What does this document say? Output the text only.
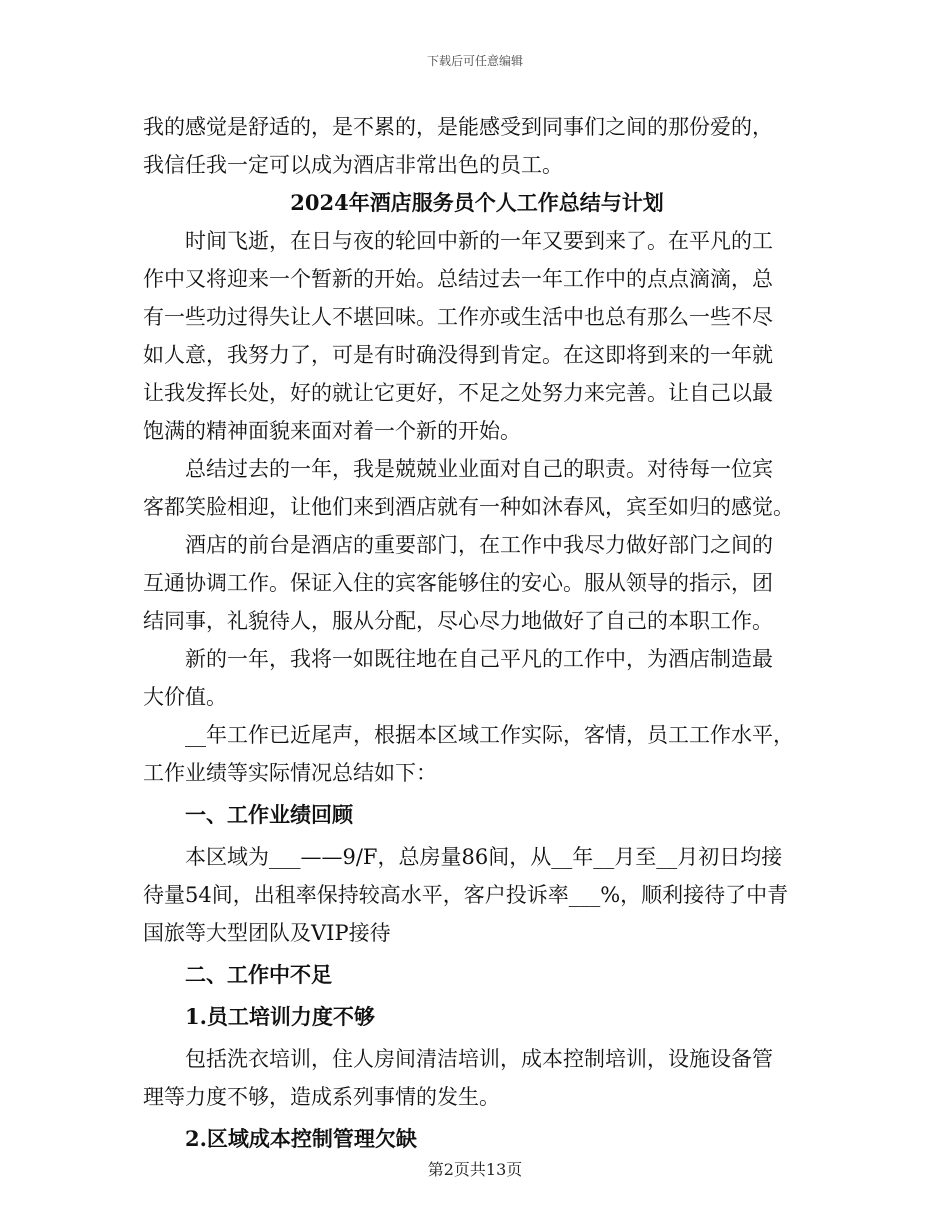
下载后可任意编辑
我的感觉是舒适的，是不累的，是能感受到同事们之间的那份爱的，
我信任我一定可以成为酒店非常出色的员工。
2024年酒店服务员个人工作总结与计划
时间飞逝，在日与夜的轮回中新的一年又要到来了。在平凡的工
作中又将迎来一个暂新的开始。总结过去一年工作中的点点滴滴，总
有一些功过得失让人不堪回味。工作亦或生活中也总有那么一些不尽
如人意，我努力了，可是有时确没得到肯定。在这即将到来的一年就
让我发挥长处，好的就让它更好，不足之处努力来完善。让自己以最
饱满的精神面貌来面对着一个新的开始。
总结过去的一年，我是兢兢业业面对自己的职责。对待每一位宾
客都笑脸相迎，让他们来到酒店就有一种如沐春风，宾至如归的感觉。
酒店的前台是酒店的重要部门，在工作中我尽力做好部门之间的
互通协调工作。保证入住的宾客能够住的安心。服从领导的指示，团
结同事，礼貌待人，服从分配，尽心尽力地做好了自己的本职工作。
新的一年，我将一如既往地在自己平凡的工作中，为酒店制造最
大价值。
__年工作已近尾声，根据本区域工作实际，客情，员工工作水平，
工作业绩等实际情况总结如下：
一、工作业绩回顾
本区域为___——9/F，总房量86间，从__年__月至__月初日均接
待量54间，出租率保持较高水平，客户投诉率___%，顺利接待了中青
国旅等大型团队及VIP接待
二、工作中不足
1.员工培训力度不够
包括洗衣培训，住人房间清洁培训，成本控制培训，设施设备管
理等力度不够，造成系列事情的发生。
2.区域成本控制管理欠缺
第2页共13页
